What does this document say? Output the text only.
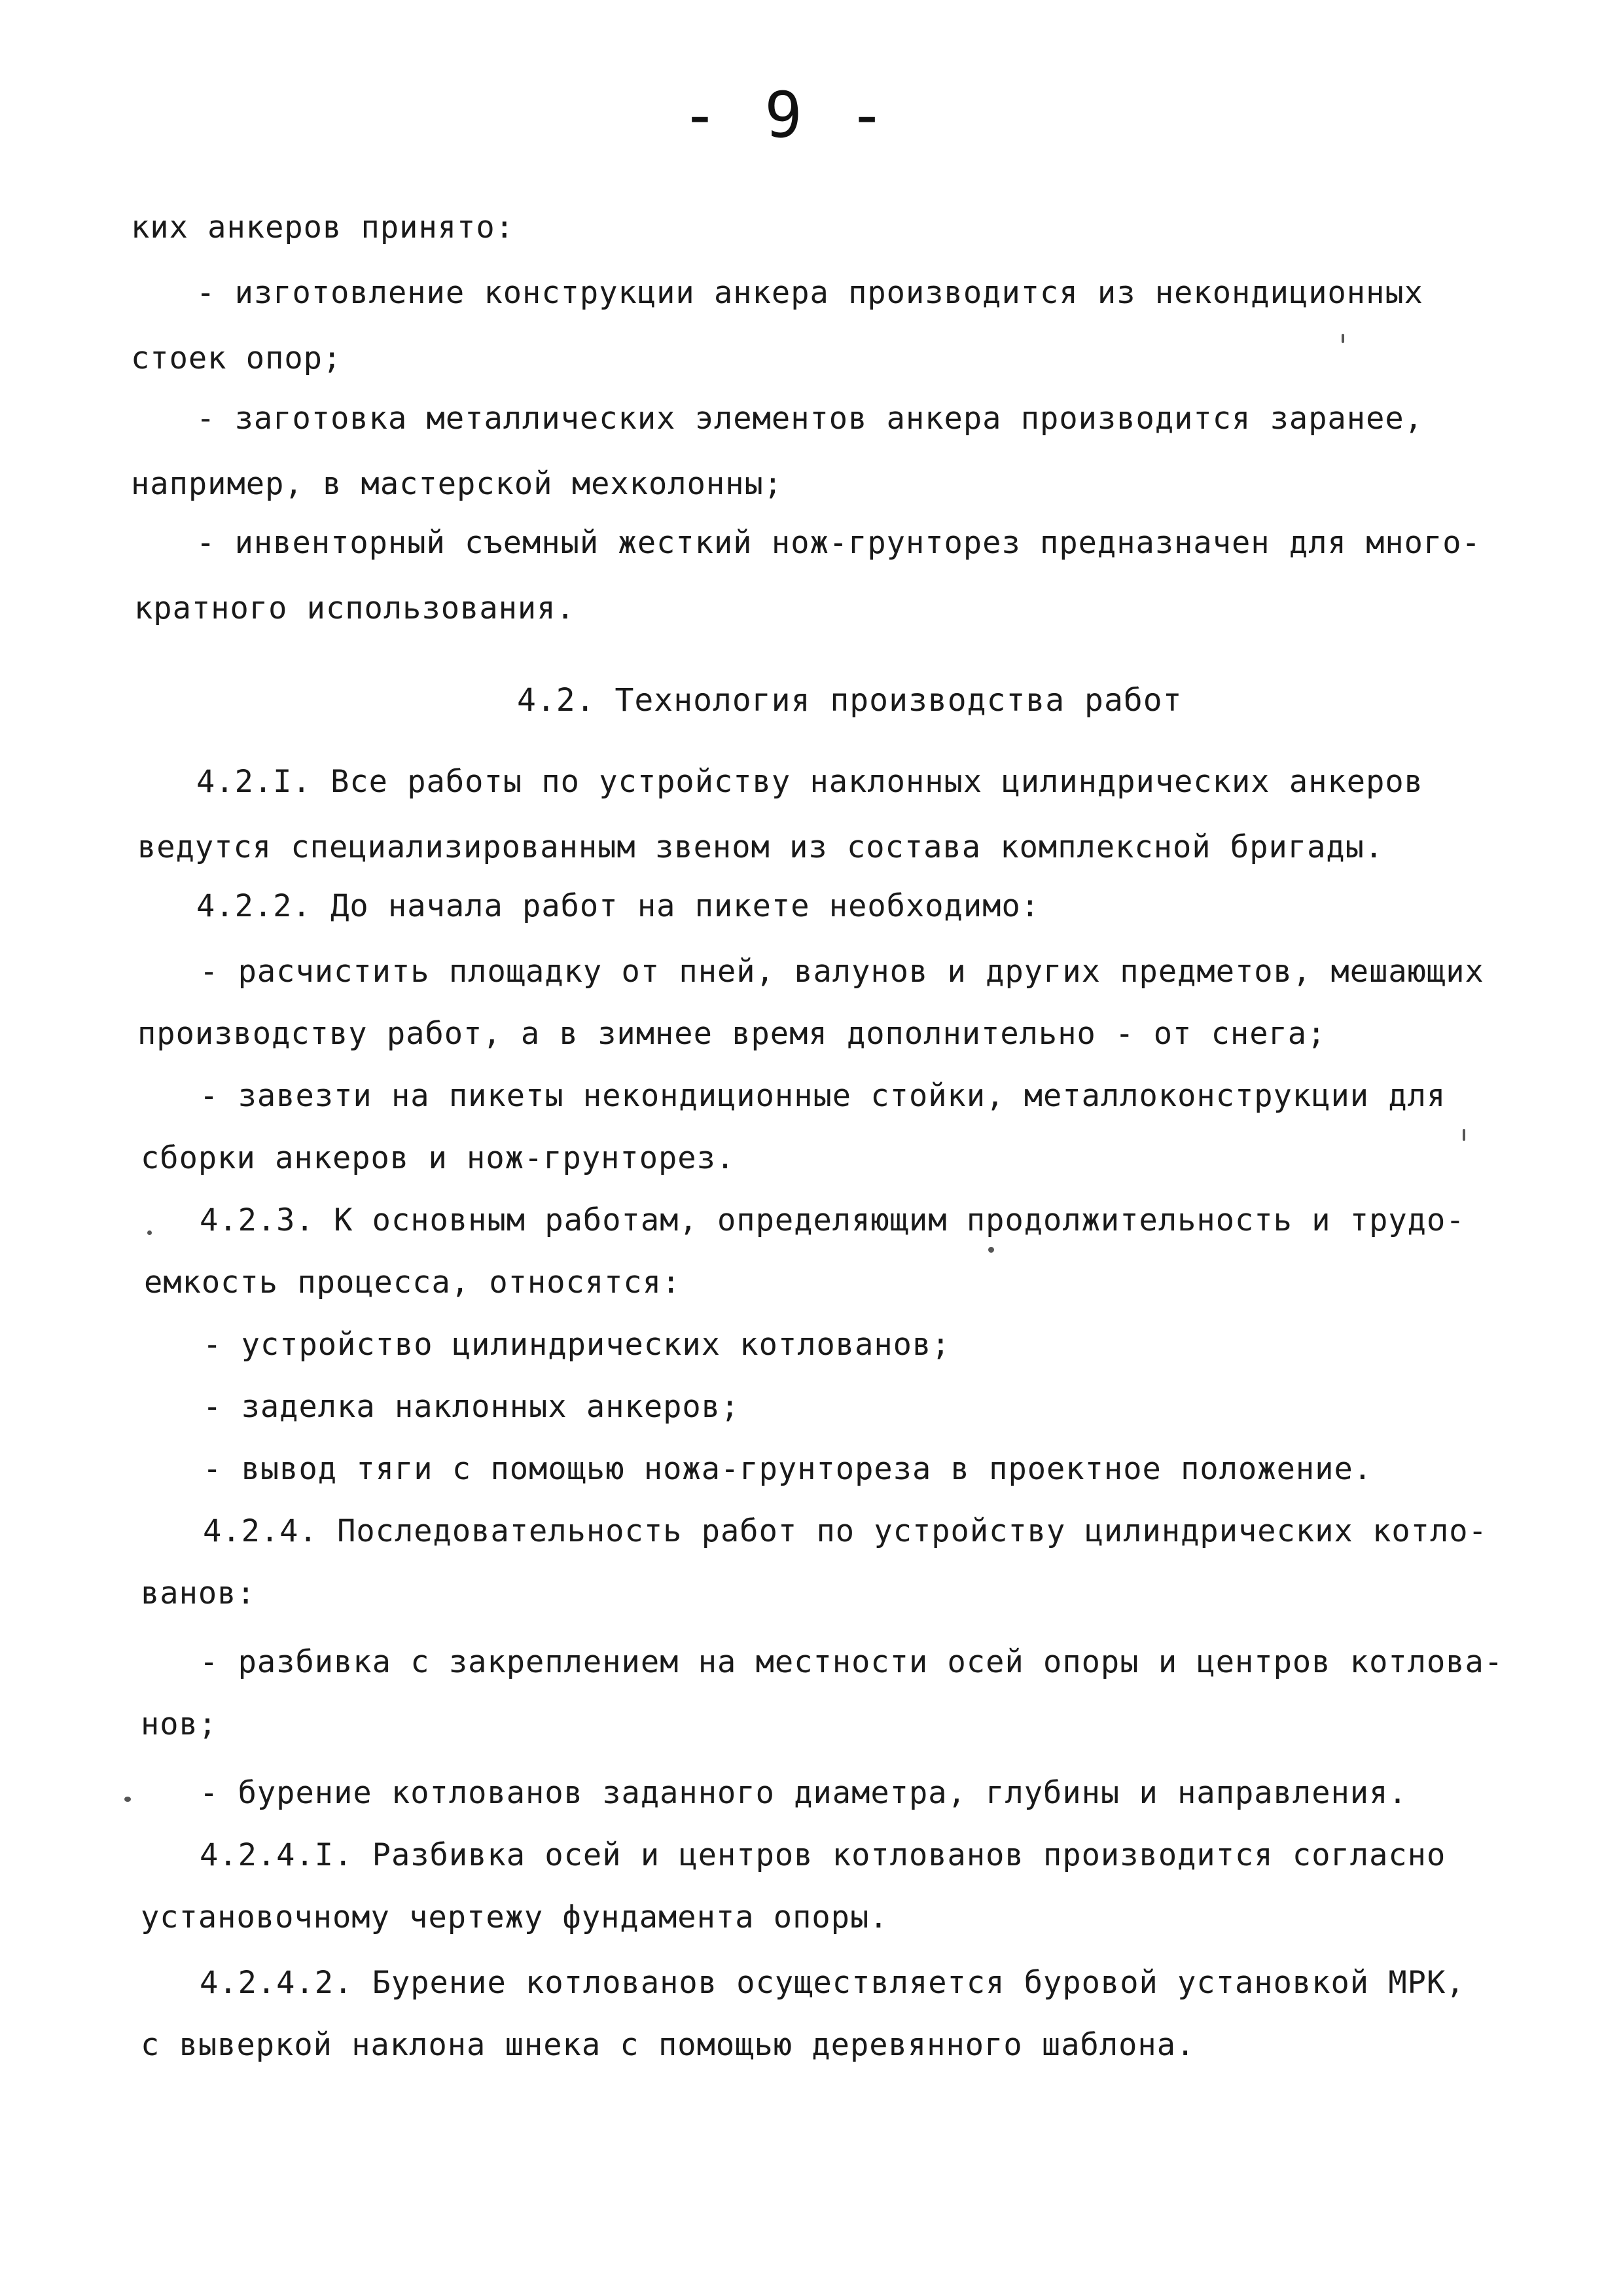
- 9 -
ких анкеров принято:
- изготовление конструкции анкера производится из некондиционных
стоек опор;
- заготовка металлических элементов анкера производится заранее,
например, в мастерской мехколонны;
- инвенторный съемный жесткий нож-грунторез предназначен для много-
кратного использования.
4.2. Технология производства работ
4.2.I. Все работы по устройству наклонных цилиндрических анкеров
ведутся специализированным звеном из состава комплексной бригады.
4.2.2. До начала работ на пикете необходимо:
- расчистить площадку от пней, валунов и других предметов, мешающих
производству работ, а в зимнее время дополнительно - от снега;
- завезти на пикеты некондиционные стойки, металлоконструкции для
сборки анкеров и нож-грунторез.
4.2.3. К основным работам, определяющим продолжительность и трудо-
емкость процесса, относятся:
- устройство цилиндрических котлованов;
- заделка наклонных анкеров;
- вывод тяги с помощью ножа-грунтореза в проектное положение.
4.2.4. Последовательность работ по устройству цилиндрических котло-
ванов:
- разбивка с закреплением на местности осей опоры и центров котлова-
нов;
- бурение котлованов заданного диаметра, глубины и направления.
4.2.4.I. Разбивка осей и центров котлованов производится согласно
установочному чертежу фундамента опоры.
4.2.4.2. Бурение котлованов осуществляется буровой установкой МРК,
с выверкой наклона шнека с помощью деревянного шаблона.
